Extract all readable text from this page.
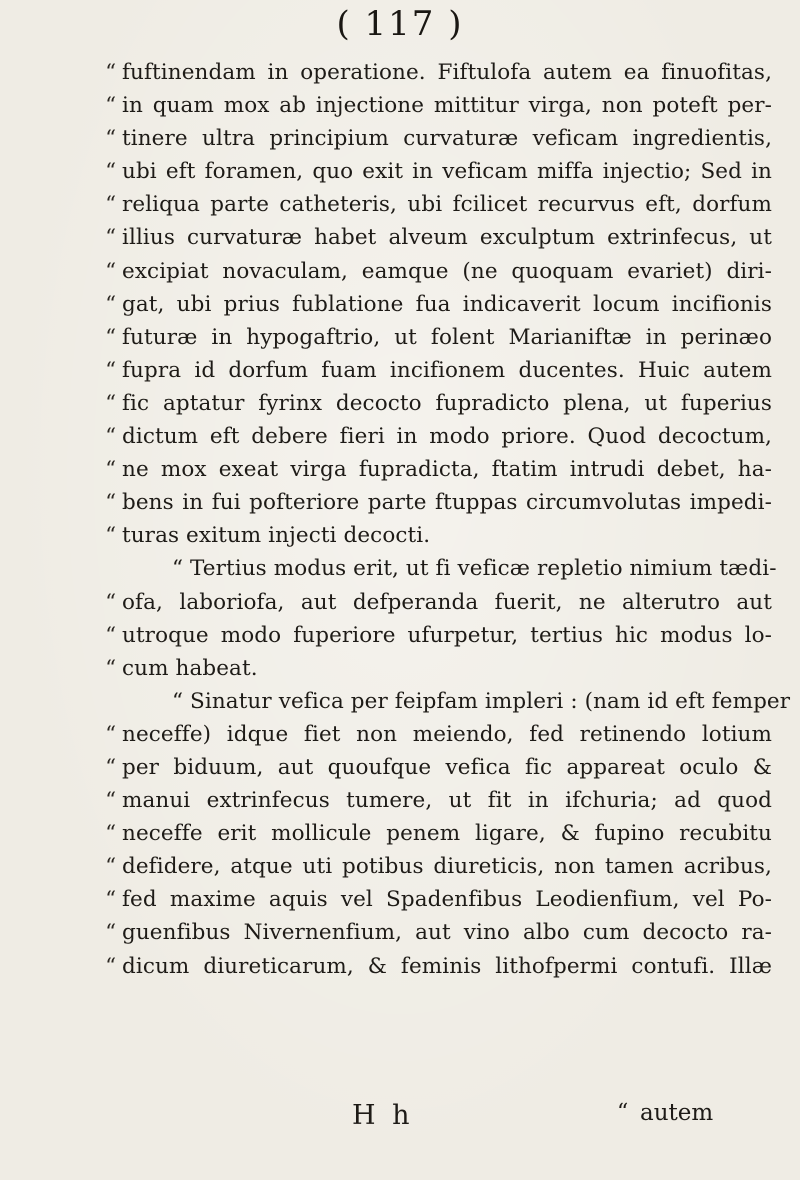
( 117 )
“ fuftinendam in operatione. Fiftulofa autem ea finuofitas,
“ in quam mox ab injectione mittitur virga, non poteft per-
“ tinere ultra principium curvaturæ veficam ingredientis,
“ ubi eft foramen, quo exit in veficam miffa injectio; Sed in
“ reliqua parte catheteris, ubi fcilicet recurvus eft, dorfum
“ illius curvaturæ habet alveum exculptum extrinfecus, ut
“ excipiat novaculam, eamque (ne quoquam evariet) diri-
“ gat, ubi prius fublatione fua indicaverit locum incifionis
“ futuræ in hypogaftrio, ut folent Marianiftæ in perinæo
“ fupra id dorfum fuam incifionem ducentes. Huic autem
“ fic aptatur fyrinx decocto fupradicto plena, ut fuperius
“ dictum eft debere fieri in modo priore. Quod decoctum,
“ ne mox exeat virga fupradicta, ftatim intrudi debet, ha-
“ bens in fui pofteriore parte ftuppas circumvolutas impedi-
“ turas exitum injecti decocti.
“ Tertius modus erit, ut fi veficæ repletio nimium tædi-
“ ofa, laboriofa, aut defperanda fuerit, ne alterutro aut
“ utroque modo fuperiore ufurpetur, tertius hic modus lo-
“ cum habeat.
“ Sinatur vefica per feipfam impleri : (nam id eft femper
“ neceffe) idque fiet non meiendo, fed retinendo lotium
“ per biduum, aut quoufque vefica fic appareat oculo &
“ manui extrinfecus tumere, ut fit in ifchuria; ad quod
“ neceffe erit mollicule penem ligare, & fupino recubitu
“ defidere, atque uti potibus diureticis, non tamen acribus,
“ fed maxime aquis vel Spadenfibus Leodienfium, vel Po-
“ guenfibus Nivernenfium, aut vino albo cum decocto ra-
“ dicum diureticarum, & feminis lithofpermi contufi. Illæ
H h	“ autem
